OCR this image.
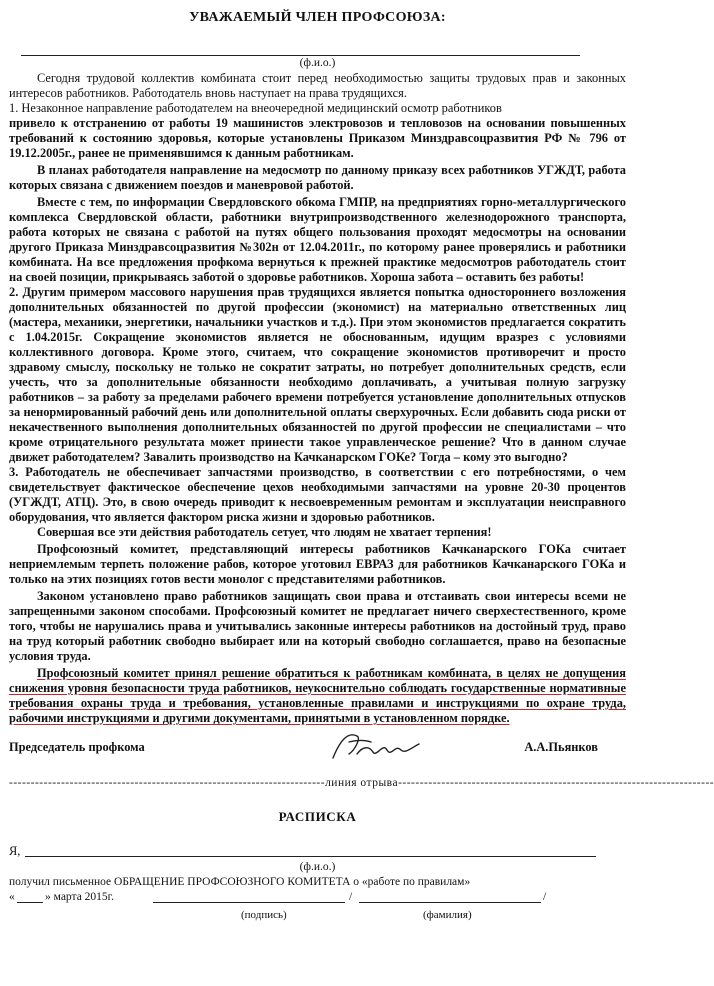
УВАЖАЕМЫЙ ЧЛЕН ПРОФСОЮЗА:
(ф.и.о.)

Сегодня трудовой коллектив комбината стоит перед необходимостью защиты трудовых прав и законных интересов работников. Работодатель вновь наступает на права трудящихся.

1. Незаконное направление работодателем на внеочередной медицинский осмотр работников

привело к отстранению от работы 19 машинистов электровозов и тепловозов на основании повышенных требований к состоянию здоровья, которые установлены Приказом Минздравсоцразвития РФ № 796 от 19.12.2005г., ранее не применявшимся к данным работникам.

В планах работодателя направление на медосмотр по данному приказу всех работников УГЖДТ, работа которых связана с движением поездов и маневровой работой.

Вместе с тем, по информации Свердловского обкома ГМПР, на предприятиях горно-металлургического комплекса Свердловской области, работники внутрипроизводственного железнодорожного транспорта, работа которых не связана с работой на путях общего пользования проходят медосмотры на основании другого Приказа Минздравсоцразвития №302н от 12.04.2011г., по которому ранее проверялись и работники комбината. На все предложения профкома вернуться к прежней практике медосмотров работодатель стоит на своей позиции, прикрываясь заботой о здоровье работников. Хороша забота – оставить без работы!

2. Другим примером массового нарушения прав трудящихся является попытка одностороннего возложения дополнительных обязанностей по другой профессии (экономист) на материально ответственных лиц (мастера, механики, энергетики, начальники участков и т.д.). При этом экономистов предлагается сократить с 1.04.2015г. Сокращение экономистов является не обоснованным, идущим вразрез с условиями коллективного договора. Кроме этого, считаем, что сокращение экономистов противоречит и просто здравому смыслу, поскольку не только не сократит затраты, но потребует дополнительных средств, если учесть, что за дополнительные обязанности необходимо доплачивать, а учитывая полную загрузку работников – за работу за пределами рабочего времени потребуется установление дополнительных отпусков за ненормированный рабочий день или дополнительной оплаты сверхурочных. Если добавить сюда риски от некачественного выполнения дополнительных обязанностей по другой профессии не специалистами – что кроме отрицательного результата может принести такое управленческое решение? Что в данном случае движет работодателем? Завалить производство на Качканарском ГОКе? Тогда – кому это выгодно?

3. Работодатель не обеспечивает запчастями производство, в соответствии с его потребностями, о чем свидетельствует фактическое обеспечение цехов необходимыми запчастями на уровне 20-30 процентов (УГЖДТ, АТЦ). Это, в свою очередь приводит к несвоевременным ремонтам и эксплуатации неисправного оборудования, что является фактором риска жизни и здоровью работников.

Совершая все эти действия работодатель сетует, что людям не хватает терпения!

Профсоюзный комитет, представляющий интересы работников Качканарского ГОКа считает неприемлемым терпеть положение рабов, которое уготовил ЕВРАЗ для работников Качканарского ГОКа и только на этих позициях готов вести монолог с представителями работников.

Законом установлено право работников защищать свои права и отстаивать свои интересы всеми не запрещенными законом способами. Профсоюзный комитет не предлагает ничего сверхестественного, кроме того, чтобы не нарушались права и учитывались законные интересы работников на достойный труд, право на труд который работник свободно выбирает или на который свободно соглашается, право на безопасные условия труда.

Профсоюзный комитет принял решение обратиться к работникам комбината, в целях не допущения снижения уровня безопасности труда работников, неукоснительно соблюдать государственные нормативные требования охраны труда и требования, установленные правилами и инструкциями по охране труда, рабочими инструкциями и другими документами, принятыми в установленном порядке.

Председатель профкома	А.А.Пьянков
-------------------------------------------------------------------------линия отрыва-------------------------------------------------------------------------
РАСПИСКА
Я,
(ф.и.о.)
получил письменное ОБРАЩЕНИЕ ПРОФСОЮЗНОГО КОМИТЕТА о «работе по правилам»
«	» марта 2015г.	/	/
(подпись)	(фамилия)
